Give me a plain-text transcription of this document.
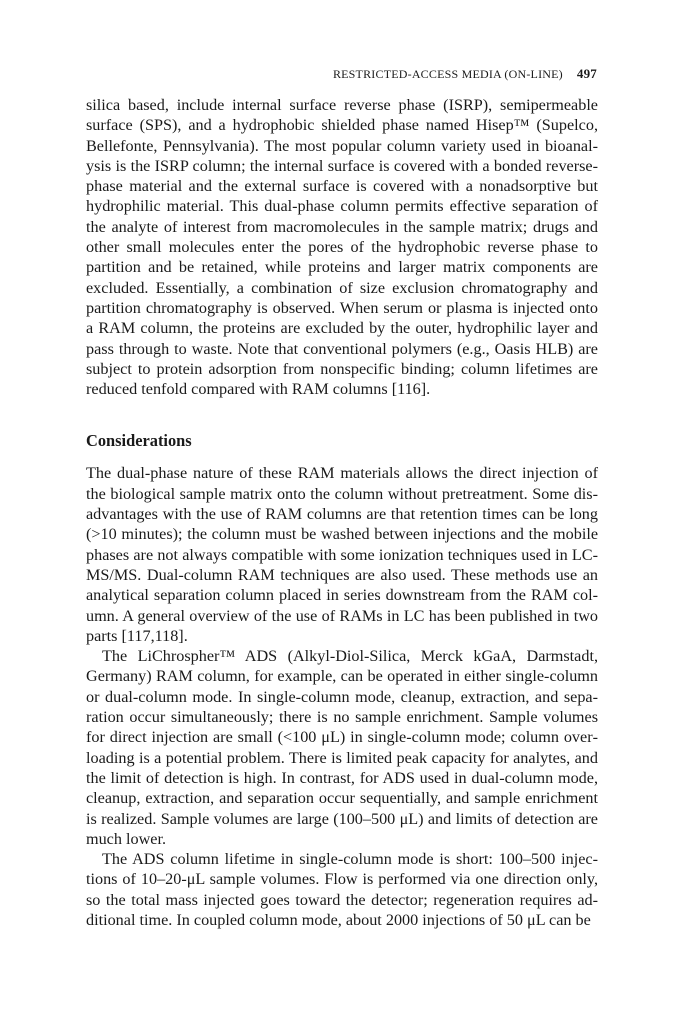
RESTRICTED-ACCESS MEDIA (ON-LINE) 497

silica based, include internal surface reverse phase (ISRP), semipermeable surface (SPS), and a hydrophobic shielded phase named Hisep™ (Supelco, Bellefonte, Pennsylvania). The most popular column variety used in bioanalysis is the ISRP column; the internal surface is covered with a bonded reverse-phase material and the external surface is covered with a nonadsorptive but hydrophilic material. This dual-phase column permits effective separation of the analyte of interest from macromolecules in the sample matrix; drugs and other small molecules enter the pores of the hydrophobic reverse phase to partition and be retained, while proteins and larger matrix components are excluded. Essentially, a combination of size exclusion chromatography and partition chromatography is observed. When serum or plasma is injected onto a RAM column, the proteins are excluded by the outer, hydrophilic layer and pass through to waste. Note that conventional polymers (e.g., Oasis HLB) are subject to protein adsorption from nonspecific binding; column lifetimes are reduced tenfold compared with RAM columns [116].

Considerations

The dual-phase nature of these RAM materials allows the direct injection of the biological sample matrix onto the column without pretreatment. Some disadvantages with the use of RAM columns are that retention times can be long (>10 minutes); the column must be washed between injections and the mobile phases are not always compatible with some ionization techniques used in LC-MS/MS. Dual-column RAM techniques are also used. These methods use an analytical separation column placed in series downstream from the RAM column. A general overview of the use of RAMs in LC has been published in two parts [117,118].

The LiChrospher™ ADS (Alkyl-Diol-Silica, Merck kGaA, Darmstadt, Germany) RAM column, for example, can be operated in either single-column or dual-column mode. In single-column mode, cleanup, extraction, and separation occur simultaneously; there is no sample enrichment. Sample volumes for direct injection are small (<100 μL) in single-column mode; column overloading is a potential problem. There is limited peak capacity for analytes, and the limit of detection is high. In contrast, for ADS used in dual-column mode, cleanup, extraction, and separation occur sequentially, and sample enrichment is realized. Sample volumes are large (100–500 μL) and limits of detection are much lower.

The ADS column lifetime in single-column mode is short: 100–500 injections of 10–20-μL sample volumes. Flow is performed via one direction only, so the total mass injected goes toward the detector; regeneration requires additional time. In coupled column mode, about 2000 injections of 50 μL can be
